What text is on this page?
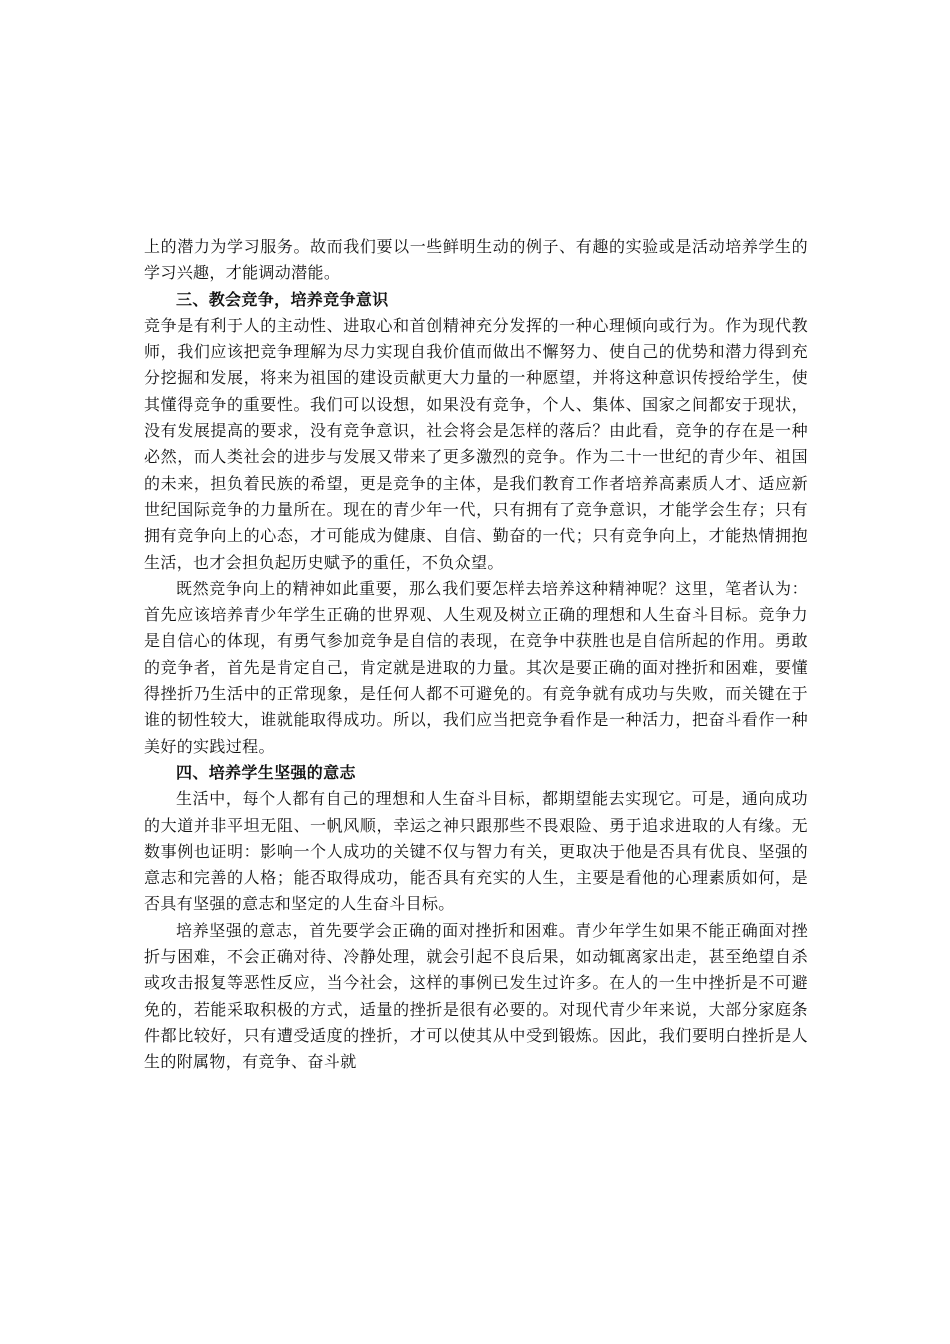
上的潜力为学习服务。故而我们要以一些鲜明生动的例子、有趣的实验或是活动培养学生的学习兴趣，才能调动潜能。

三、教会竞争，培养竞争意识

竞争是有利于人的主动性、进取心和首创精神充分发挥的一种心理倾向或行为。作为现代教师，我们应该把竞争理解为尽力实现自我价值而做出不懈努力、使自己的优势和潜力得到充分挖掘和发展，将来为祖国的建设贡献更大力量的一种愿望，并将这种意识传授给学生，使其懂得竞争的重要性。我们可以设想，如果没有竞争，个人、集体、国家之间都安于现状，没有发展提高的要求，没有竞争意识，社会将会是怎样的落后？由此看，竞争的存在是一种必然，而人类社会的进步与发展又带来了更多激烈的竞争。作为二十一世纪的青少年、祖国的未来，担负着民族的希望，更是竞争的主体，是我们教育工作者培养高素质人才、适应新世纪国际竞争的力量所在。现在的青少年一代，只有拥有了竞争意识，才能学会生存；只有拥有竞争向上的心态，才可能成为健康、自信、勤奋的一代；只有竞争向上，才能热情拥抱生活，也才会担负起历史赋予的重任，不负众望。

既然竞争向上的精神如此重要，那么我们要怎样去培养这种精神呢？这里，笔者认为：首先应该培养青少年学生正确的世界观、人生观及树立正确的理想和人生奋斗目标。竞争力是自信心的体现，有勇气参加竞争是自信的表现，在竞争中获胜也是自信所起的作用。勇敢的竞争者，首先是肯定自己，肯定就是进取的力量。其次是要正确的面对挫折和困难，要懂得挫折乃生活中的正常现象，是任何人都不可避免的。有竞争就有成功与失败，而关键在于谁的韧性较大，谁就能取得成功。所以，我们应当把竞争看作是一种活力，把奋斗看作一种美好的实践过程。

四、培养学生坚强的意志

生活中，每个人都有自己的理想和人生奋斗目标，都期望能去实现它。可是，通向成功的大道并非平坦无阻、一帆风顺，幸运之神只跟那些不畏艰险、勇于追求进取的人有缘。无数事例也证明：影响一个人成功的关键不仅与智力有关，更取决于他是否具有优良、坚强的意志和完善的人格；能否取得成功，能否具有充实的人生，主要是看他的心理素质如何，是否具有坚强的意志和坚定的人生奋斗目标。

培养坚强的意志，首先要学会正确的面对挫折和困难。青少年学生如果不能正确面对挫折与困难，不会正确对待、冷静处理，就会引起不良后果，如动辄离家出走，甚至绝望自杀或攻击报复等恶性反应，当今社会，这样的事例已发生过许多。在人的一生中挫折是不可避免的，若能采取积极的方式，适量的挫折是很有必要的。对现代青少年来说，大部分家庭条件都比较好，只有遭受适度的挫折，才可以使其从中受到锻炼。因此，我们要明白挫折是人生的附属物，有竞争、奋斗就
